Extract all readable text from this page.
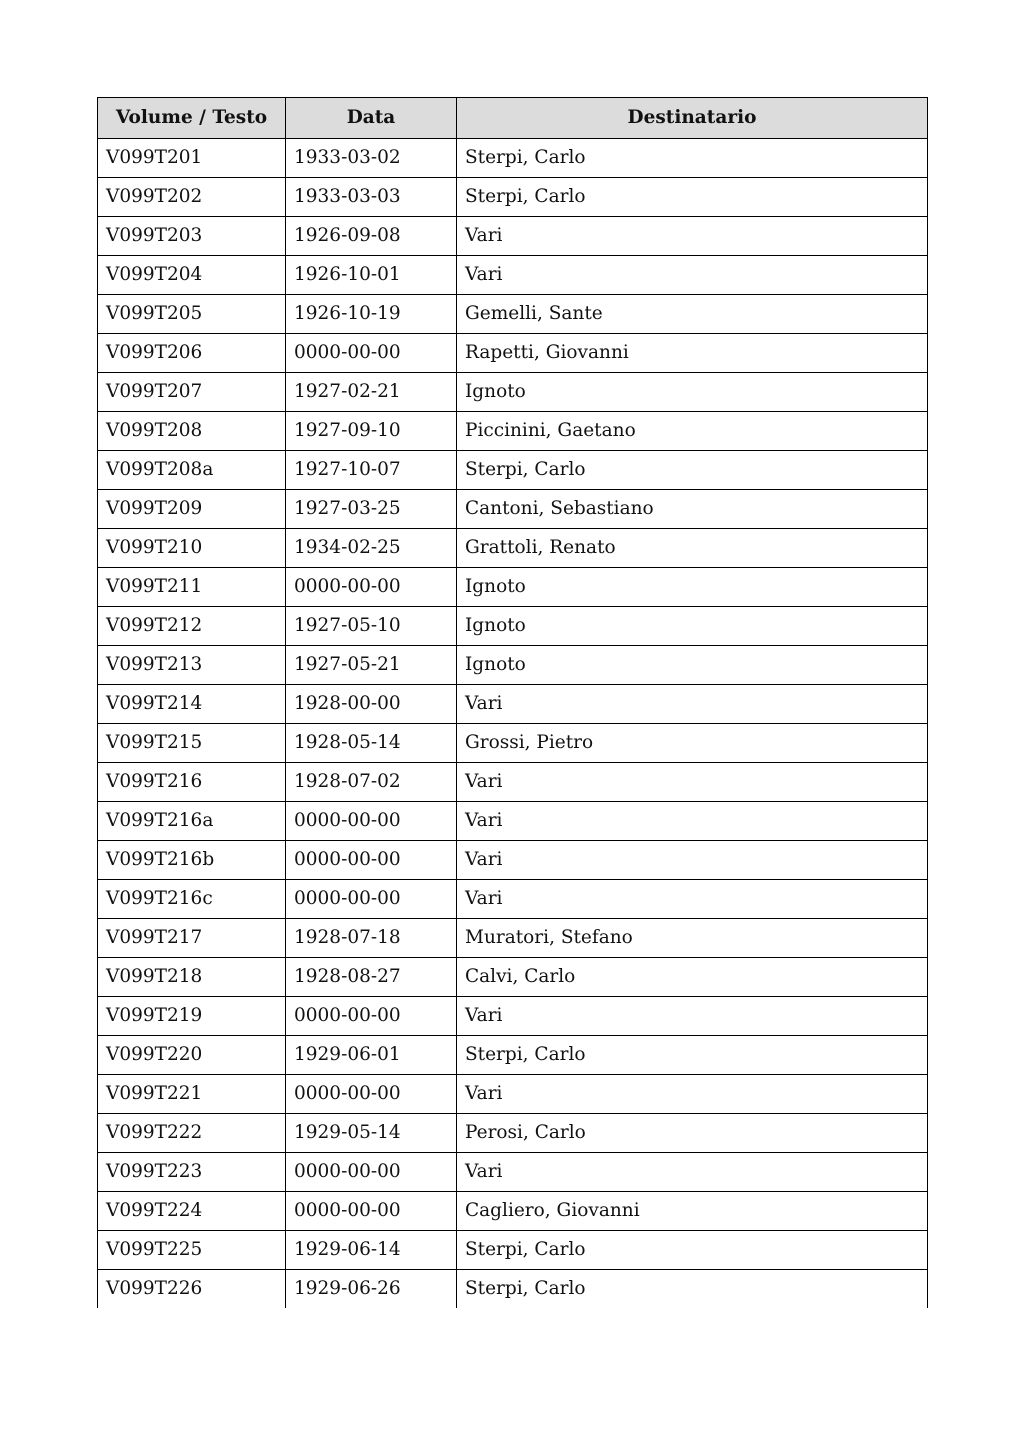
Volume / Testo	Data	Destinatario
V099T201	1933-03-02	Sterpi, Carlo
V099T202	1933-03-03	Sterpi, Carlo
V099T203	1926-09-08	Vari
V099T204	1926-10-01	Vari
V099T205	1926-10-19	Gemelli, Sante
V099T206	0000-00-00	Rapetti, Giovanni
V099T207	1927-02-21	Ignoto
V099T208	1927-09-10	Piccinini, Gaetano
V099T208a	1927-10-07	Sterpi, Carlo
V099T209	1927-03-25	Cantoni, Sebastiano
V099T210	1934-02-25	Grattoli, Renato
V099T211	0000-00-00	Ignoto
V099T212	1927-05-10	Ignoto
V099T213	1927-05-21	Ignoto
V099T214	1928-00-00	Vari
V099T215	1928-05-14	Grossi, Pietro
V099T216	1928-07-02	Vari
V099T216a	0000-00-00	Vari
V099T216b	0000-00-00	Vari
V099T216c	0000-00-00	Vari
V099T217	1928-07-18	Muratori, Stefano
V099T218	1928-08-27	Calvi, Carlo
V099T219	0000-00-00	Vari
V099T220	1929-06-01	Sterpi, Carlo
V099T221	0000-00-00	Vari
V099T222	1929-05-14	Perosi, Carlo
V099T223	0000-00-00	Vari
V099T224	0000-00-00	Cagliero, Giovanni
V099T225	1929-06-14	Sterpi, Carlo
V099T226	1929-06-26	Sterpi, Carlo
